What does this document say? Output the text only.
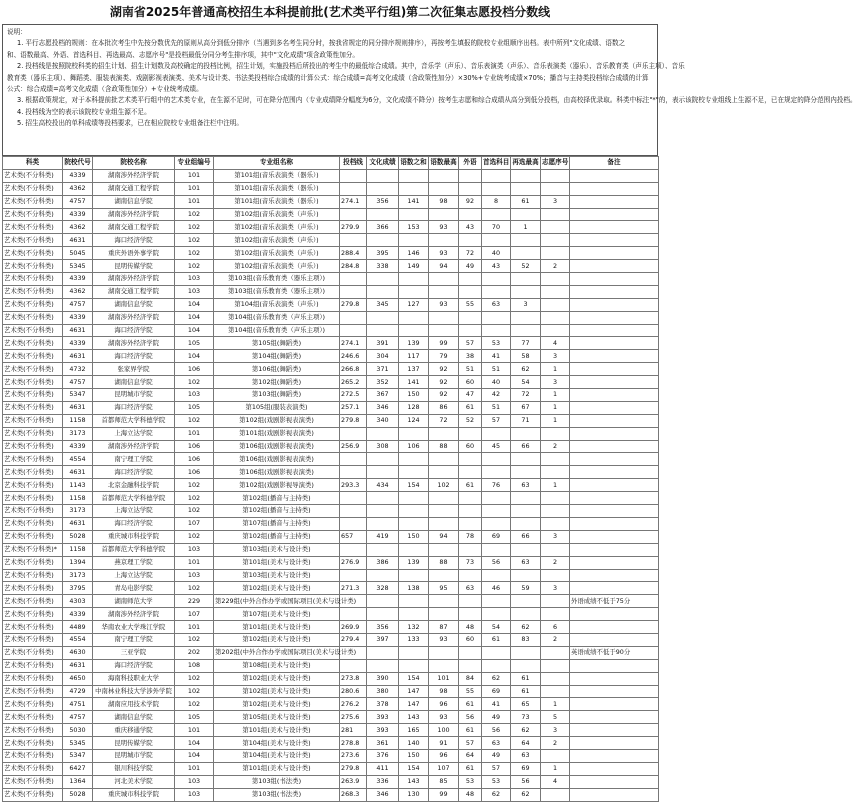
湖南省2025年普通高校招生本科提前批(艺术类平行组)第二次征集志愿投档分数线
说明：
1. 平行志愿投档的规则：在本批次考生中先按分数优先的原则从高分到低分排序（当遇到多名考生同分时，按我省规定的同分排序规则排序），再按考生填报的院校专业组顺序出档。表中所列"文化成绩、语数之
和、语数最高、外语、首选科目、再选最高、志愿序号"是投档最低分同分考生排序项，其中"文化成绩"项含政策性加分。
2. 投档线是按照院校科类的招生计划、招生计划数及高校确定的投档比例，招生计划，实施投档后所投出的考生中的最低综合成绩。其中，音乐学（声乐）、音乐表演类（声乐）、音乐表演类（器乐）、音乐教育类（声乐主项）、音乐
教育类（器乐主项）、舞蹈类、服装表演类、戏剧影视表演类、美术与设计类、书法类投档综合成绩的计算公式：综合成绩=高考文化成绩（含政策性加分）×30%+专业统考成绩×70%；播音与主持类投档综合成绩的计算
公式：综合成绩=高考文化成绩（含政策性加分）+专业统考成绩。
3. 根据政策规定，对于本科提前批艺术类平行组中的艺术类专业，在生源不足时，可在降分范围内（专业成绩降分幅度为6分，文化成绩不降分）按考生志愿和综合成绩从高分到低分投档，由高校择优录取。科类中标注"*"的，表示该院校专业组线上生源不足，已在规定的降分范围内投档。
4. 投档线为空的表示该院校专业组生源不足。
5. 招生高校投出的单科成绩等投档要求，已在相应院校专业组备注栏中注明。
科类	院校代号	院校名称	专业组编号	专业组名称	投档线	文化成绩	语数之和	语数最高	外语	首选科目	再选最高	志愿序号	备注
艺术类(不分科类)	4339	湖南涉外经济学院	101	第101组(音乐表演类（器乐）)									
艺术类(不分科类)	4362	湖南交通工程学院	101	第101组(音乐表演类（器乐）)									
艺术类(不分科类)	4757	湖南信息学院	101	第101组(音乐表演类（器乐）)	274.1	356	141	98	92	8	61	3	
艺术类(不分科类)	4339	湖南涉外经济学院	102	第102组(音乐表演类（声乐）)									
艺术类(不分科类)	4362	湖南交通工程学院	102	第102组(音乐表演类（声乐）)	279.9	366	153	93	43	70	1		
艺术类(不分科类)	4631	海口经济学院	102	第102组(音乐表演类（声乐）)									
艺术类(不分科类)	5045	重庆外语外事学院	102	第102组(音乐表演类（声乐）)	288.4	395	146	93	72	40			
艺术类(不分科类)	5345	昆明传媒学院	102	第102组(音乐表演类（声乐）)	284.8	338	149	94	49	43	52	2	
艺术类(不分科类)	4339	湖南涉外经济学院	103	第103组(音乐教育类（器乐主项）)									
艺术类(不分科类)	4362	湖南交通工程学院	103	第103组(音乐教育类（器乐主项）)									
艺术类(不分科类)	4757	湖南信息学院	104	第104组(音乐表演类（声乐）)	279.8	345	127	93	55	63	3		
艺术类(不分科类)	4339	湖南涉外经济学院	104	第104组(音乐教育类（声乐主项）)									
艺术类(不分科类)	4631	海口经济学院	104	第104组(音乐教育类（声乐主项）)									
艺术类(不分科类)	4339	湖南涉外经济学院	105	第105组(舞蹈类)	274.1	391	139	99	57	53	77	4	
艺术类(不分科类)	4631	海口经济学院	104	第104组(舞蹈类)	246.6	304	117	79	38	41	58	3	
艺术类(不分科类)	4732	张家界学院	106	第106组(舞蹈类)	266.8	371	137	92	51	51	62	1	
艺术类(不分科类)	4757	湖南信息学院	102	第102组(舞蹈类)	265.2	352	141	92	60	40	54	3	
艺术类(不分科类)	5347	昆明城市学院	103	第103组(舞蹈类)	272.5	367	150	92	47	42	72	1	
艺术类(不分科类)	4631	海口经济学院	105	第105组(服装表演类)	257.1	346	128	86	61	51	67	1	
艺术类(不分科类)	1158	首都师范大学科德学院	102	第102组(戏剧影视表演类)	279.8	340	124	72	52	57	71	1	
艺术类(不分科类)	3173	上海立达学院	101	第101组(戏剧影视表演类)									
艺术类(不分科类)	4339	湖南涉外经济学院	106	第106组(戏剧影视表演类)	256.9	308	106	88	60	45	66	2	
艺术类(不分科类)	4554	南宁理工学院	106	第106组(戏剧影视表演类)									
艺术类(不分科类)	4631	海口经济学院	106	第106组(戏剧影视表演类)									
艺术类(不分科类)	1143	北京金融科技学院	102	第102组(戏剧影视导演类)	293.3	434	154	102	61	76	63	1	
艺术类(不分科类)	1158	首都师范大学科德学院	102	第102组(播音与主持类)									
艺术类(不分科类)	3173	上海立达学院	102	第102组(播音与主持类)									
艺术类(不分科类)	4631	海口经济学院	107	第107组(播音与主持类)									
艺术类(不分科类)	5028	重庆城市科技学院	102	第102组(播音与主持类)	657	419	150	94	78	69	66	3	
艺术类(不分科类)*	1158	首都师范大学科德学院	103	第103组(美术与设计类)									
艺术类(不分科类)	1394	燕京理工学院	101	第101组(美术与设计类)	276.9	386	139	88	73	56	63	2	
艺术类(不分科类)	3173	上海立达学院	103	第103组(美术与设计类)									
艺术类(不分科类)	3795	青岛电影学院	102	第102组(美术与设计类)	271.3	328	138	95	63	46	59	3	
艺术类(不分科类)	4303	湖南师范大学	229	第229组(中外合作办学或国际项目(美术与设计类)									外语成绩不低于75分
艺术类(不分科类)	4339	湖南涉外经济学院	107	第107组(美术与设计类)									
艺术类(不分科类)	4489	华南农业大学珠江学院	101	第101组(美术与设计类)	269.9	356	132	87	48	54	62	6	
艺术类(不分科类)	4554	南宁理工学院	102	第102组(美术与设计类)	279.4	397	133	93	60	61	83	2	
艺术类(不分科类)	4630	三亚学院	202	第202组(中外合作办学或国际项目(美术与设计类)									英语成绩不低于90分
艺术类(不分科类)	4631	海口经济学院	108	第108组(美术与设计类)									
艺术类(不分科类)	4650	海南科技职业大学	102	第102组(美术与设计类)	273.8	390	154	101	84	62	61		
艺术类(不分科类)	4729	中南林业科技大学涉外学院	102	第102组(美术与设计类)	280.6	380	147	98	55	69	61		
艺术类(不分科类)	4751	湖南应用技术学院	102	第102组(美术与设计类)	276.2	378	147	96	61	41	65	1	
艺术类(不分科类)	4757	湖南信息学院	105	第105组(美术与设计类)	275.6	393	143	93	56	49	73	5	
艺术类(不分科类)	5030	重庆移通学院	101	第101组(美术与设计类)	281	393	165	100	61	56	62	3	
艺术类(不分科类)	5345	昆明传媒学院	104	第104组(美术与设计类)	278.8	361	140	91	57	63	64	2	
艺术类(不分科类)	5347	昆明城市学院	104	第104组(美术与设计类)	273.6	376	150	96	64	49	63		
艺术类(不分科类)	6427	银川科技学院	101	第101组(美术与设计类)	279.8	411	154	107	61	57	69	1	
艺术类(不分科类)	1364	河北美术学院	103	第103组(书法类)	263.9	336	143	85	53	53	56	4	
艺术类(不分科类)	5028	重庆城市科技学院	103	第103组(书法类)	268.3	346	130	99	48	62	62		
